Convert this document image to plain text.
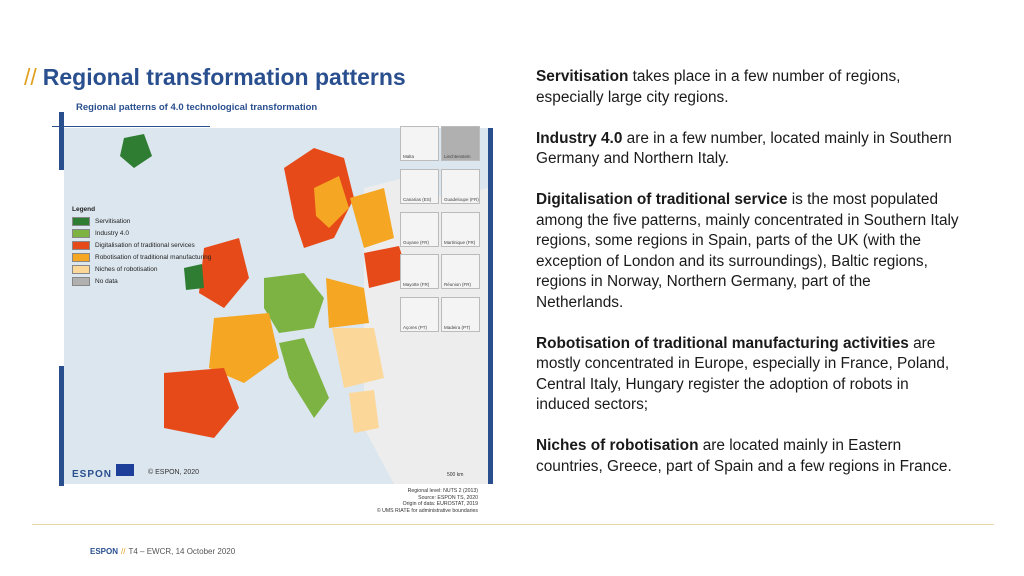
// Regional transformation patterns
Regional patterns of 4.0 technological transformation
Legend
Servitisation
Industry 4.0
Digitalisation of traditional services
Robotisation of traditional manufacturing
Niches of robotisation
No data
Malta	Liechtenstein
Canarias (ES)	Guadeloupe (FR)
Guyane (FR)	Martinique (FR)
Mayotte (FR)	Réunion (FR)
Açores (PT)	Madeira (PT)
ESPON	© ESPON, 2020	500 km
Regional level: NUTS 2 (2013)
Source: ESPON TS, 2020
Origin of data: EUROSTAT, 2019
© UMS RIATE for administrative boundaries

Servitisation takes place in a few number of regions, especially large city regions.

Industry 4.0 are in a few number, located mainly in Southern Germany and Northern Italy.

Digitalisation of traditional service is the most populated among the five patterns, mainly concentrated in Southern Italy regions, some regions in Spain, parts of the UK (with the exception of London and its surroundings), Baltic regions, regions in Norway, Northern Germany, part of the Netherlands.

Robotisation of traditional manufacturing activities are mostly concentrated in Europe, especially in France, Poland, Central Italy, Hungary register the adoption of robots in induced sectors;

Niches of robotisation are located mainly in Eastern countries, Greece, part of Spain and a few regions in France.

ESPON // T4 – EWCR, 14 October 2020
